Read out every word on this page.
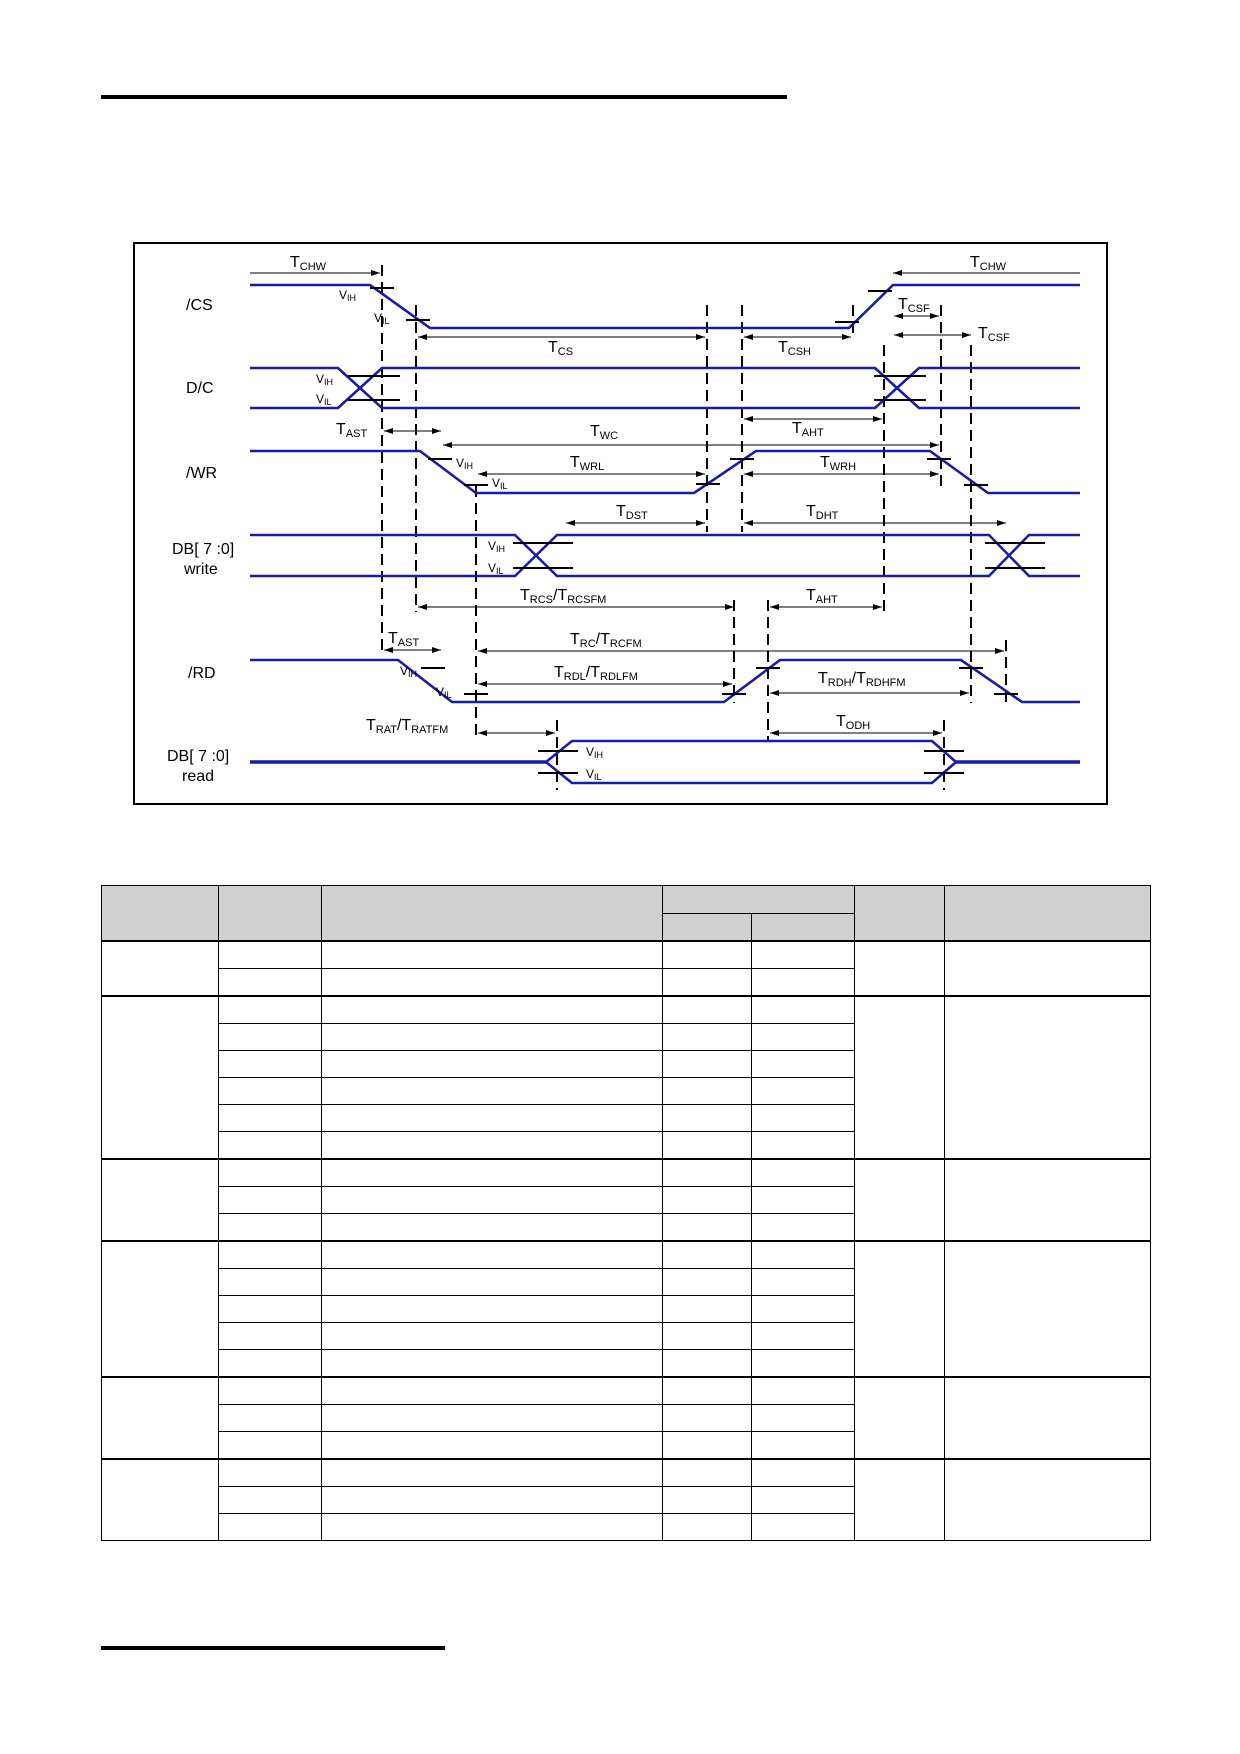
/CS
D/C
/WR
DB[ 7 :0]
write
/RD
DB[ 7 :0]
read
VIH
VIL
VIH
VIL
VIH
VIL
VIH
VIL
VIH
VIL
VIH
VIL
TCHW	TCHW
TCS	TCSH
TCSF
TCSF
TAST	TWC	TAHT
TWRL	TWRH
TDST	TDHT
TRCS/TRCSFM	TAHT
TAST	TRC/TRCFM
TRDL/TRDLFM	TRDH/TRDHFM
TRAT/TRATFM	TODH
